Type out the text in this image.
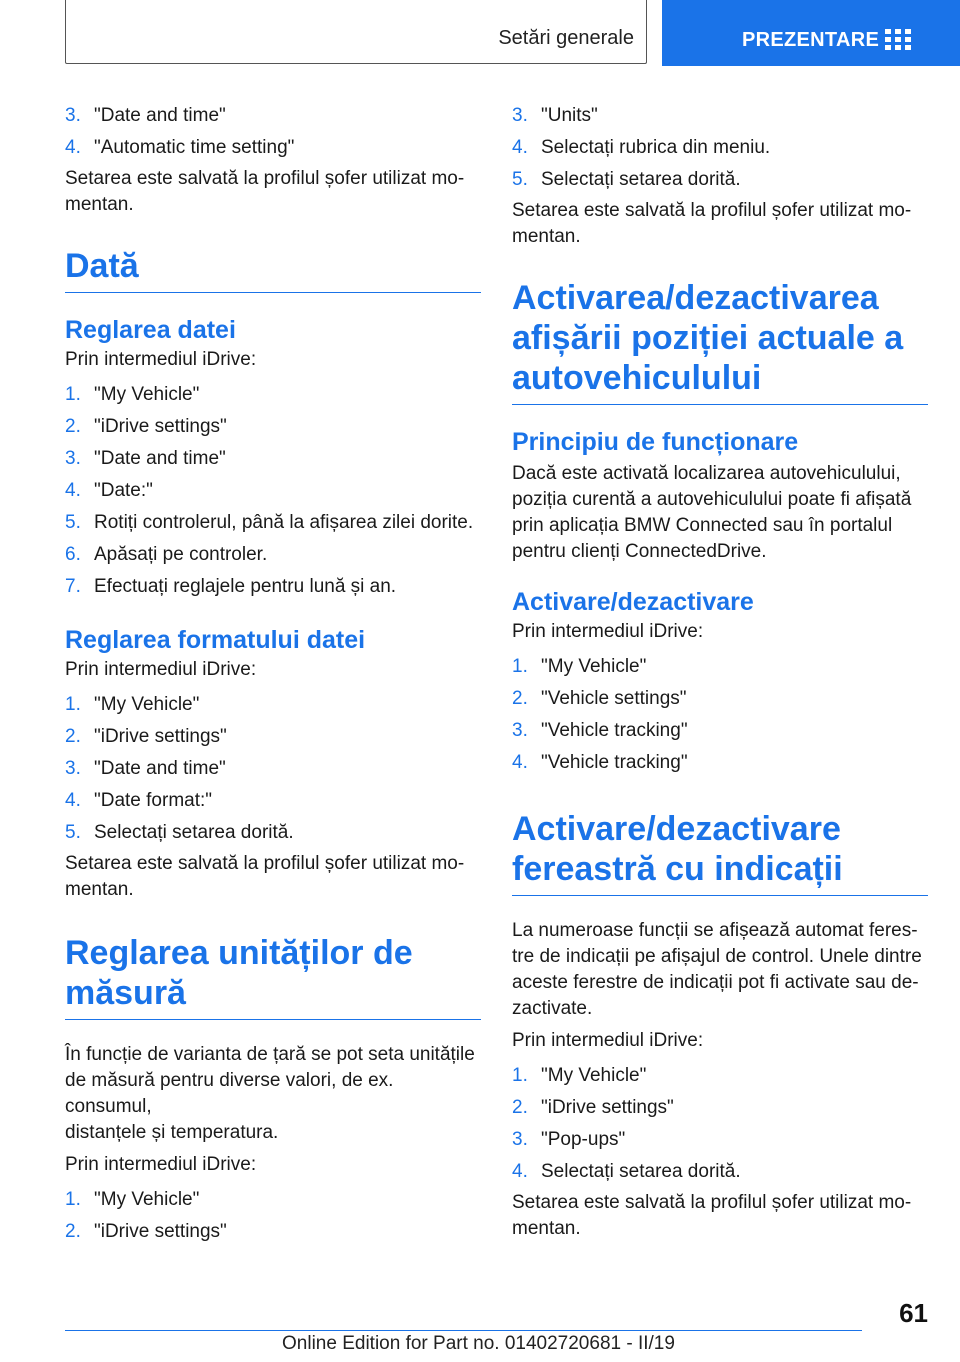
Setări generale	PREZENTARE
3. "Date and time"
4. "Automatic time setting"

Setarea este salvată la profilul șofer utilizat mo-
mentan.

Dată
Reglarea datei

Prin intermediul iDrive:

1. "My Vehicle"
2. "iDrive settings"
3. "Date and time"
4. "Date:"
5. Rotiți controlerul, până la afișarea zilei dorite.
6. Apăsați pe controler.
7. Efectuați reglajele pentru lună și an.
Reglarea formatului datei

Prin intermediul iDrive:

1. "My Vehicle"
2. "iDrive settings"
3. "Date and time"
4. "Date format:"
5. Selectați setarea dorită.

Setarea este salvată la profilul șofer utilizat mo-
mentan.

Reglarea unităților de
măsură

În funcție de varianta de țară se pot seta unitățile
de măsură pentru diverse valori, de ex. consumul,
distanțele și temperatura.

Prin intermediul iDrive:

1. "My Vehicle"
2. "iDrive settings"
3. "Units"
4. Selectați rubrica din meniu.
5. Selectați setarea dorită.

Setarea este salvată la profilul șofer utilizat mo-
mentan.

Activarea/dezactivarea
afișării poziției actuale a
autovehiculului
Principiu de funcționare

Dacă este activată localizarea autovehiculului,
poziția curentă a autovehiculului poate fi afișată
prin aplicația BMW Connected sau în portalul
pentru clienți ConnectedDrive.

Activare/dezactivare

Prin intermediul iDrive:

1. "My Vehicle"
2. "Vehicle settings"
3. "Vehicle tracking"
4. "Vehicle tracking"
Activare/dezactivare
fereastră cu indicații

La numeroase funcții se afișează automat feres-
tre de indicații pe afișajul de control. Unele dintre
aceste ferestre de indicații pot fi activate sau de-
zactivate.

Prin intermediul iDrive:

1. "My Vehicle"
2. "iDrive settings"
3. "Pop-ups"
4. Selectați setarea dorită.

Setarea este salvată la profilul șofer utilizat mo-
mentan.

61
Online Edition for Part no. 01402720681 - II/19
